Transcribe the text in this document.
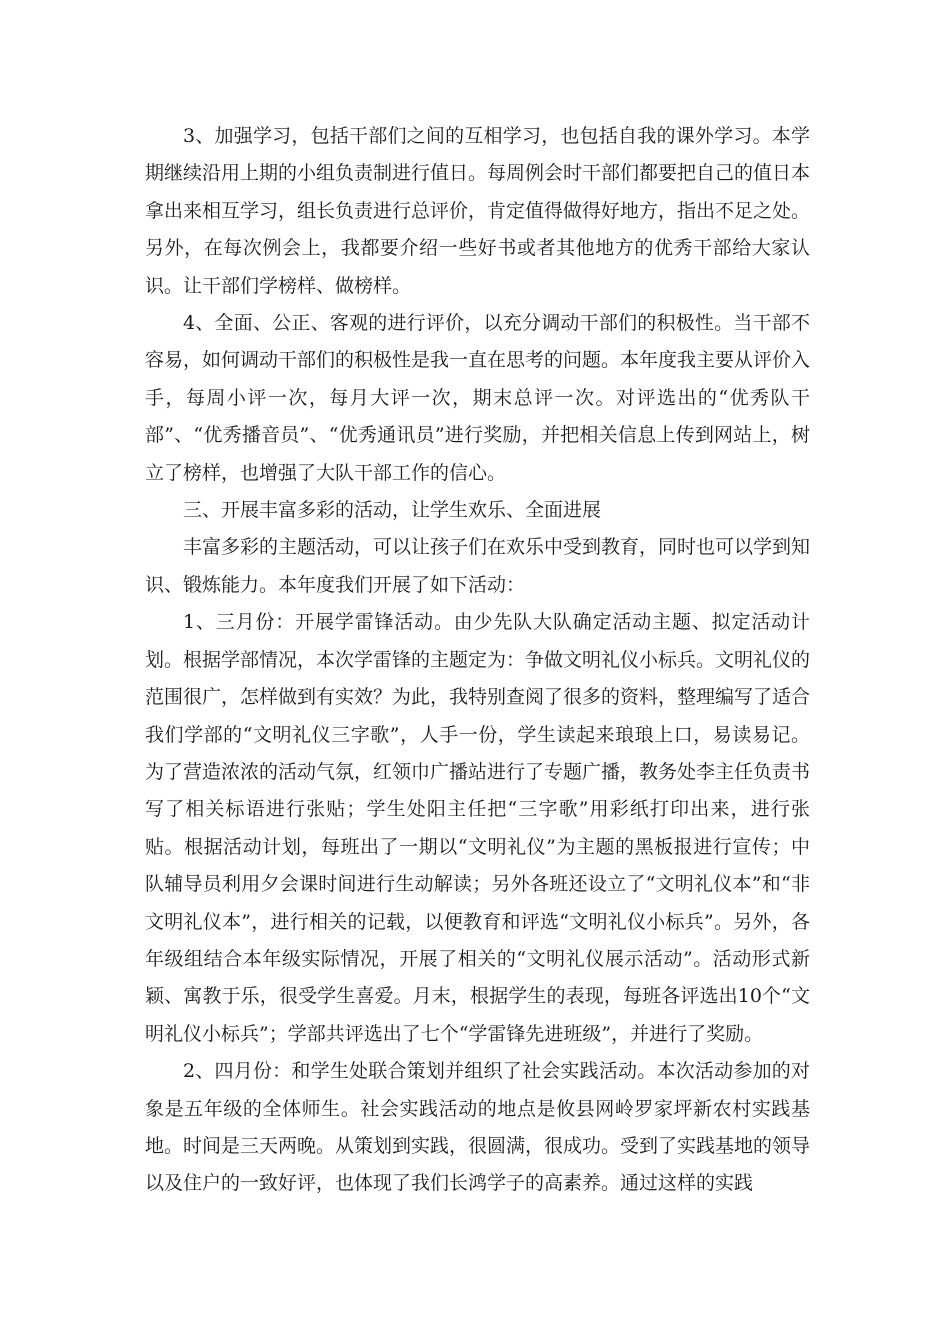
3、加强学习，包括干部们之间的互相学习，也包括自我的课外学习。本学期继续沿用上期的小组负责制进行值日。每周例会时干部们都要把自己的值日本拿出来相互学习，组长负责进行总评价，肯定值得做得好地方，指出不足之处。另外，在每次例会上，我都要介绍一些好书或者其他地方的优秀干部给大家认识。让干部们学榜样、做榜样。

4、全面、公正、客观的进行评价，以充分调动干部们的积极性。当干部不容易，如何调动干部们的积极性是我一直在思考的问题。本年度我主要从评价入手，每周小评一次，每月大评一次，期末总评一次。对评选出的“优秀队干部”、“优秀播音员”、“优秀通讯员”进行奖励，并把相关信息上传到网站上，树立了榜样，也增强了大队干部工作的信心。

三、开展丰富多彩的活动，让学生欢乐、全面进展

丰富多彩的主题活动，可以让孩子们在欢乐中受到教育，同时也可以学到知识、锻炼能力。本年度我们开展了如下活动：

1、三月份：开展学雷锋活动。由少先队大队确定活动主题、拟定活动计划。根据学部情况，本次学雷锋的主题定为：争做文明礼仪小标兵。文明礼仪的范围很广，怎样做到有实效？为此，我特别查阅了很多的资料，整理编写了适合我们学部的“文明礼仪三字歌”，人手一份，学生读起来琅琅上口，易读易记。为了营造浓浓的活动气氛，红领巾广播站进行了专题广播，教务处李主任负责书写了相关标语进行张贴；学生处阳主任把“三字歌”用彩纸打印出来，进行张贴。根据活动计划，每班出了一期以“文明礼仪”为主题的黑板报进行宣传；中队辅导员利用夕会课时间进行生动解读；另外各班还设立了“文明礼仪本”和“非文明礼仪本”，进行相关的记载，以便教育和评选“文明礼仪小标兵”。另外，各年级组结合本年级实际情况，开展了相关的“文明礼仪展示活动”。活动形式新颖、寓教于乐，很受学生喜爱。月末，根据学生的表现，每班各评选出10个“文明礼仪小标兵”；学部共评选出了七个“学雷锋先进班级”，并进行了奖励。

2、四月份：和学生处联合策划并组织了社会实践活动。本次活动参加的对象是五年级的全体师生。社会实践活动的地点是攸县网岭罗家坪新农村实践基地。时间是三天两晚。从策划到实践，很圆满，很成功。受到了实践基地的领导以及住户的一致好评，也体现了我们长鸿学子的高素养。通过这样的实践
